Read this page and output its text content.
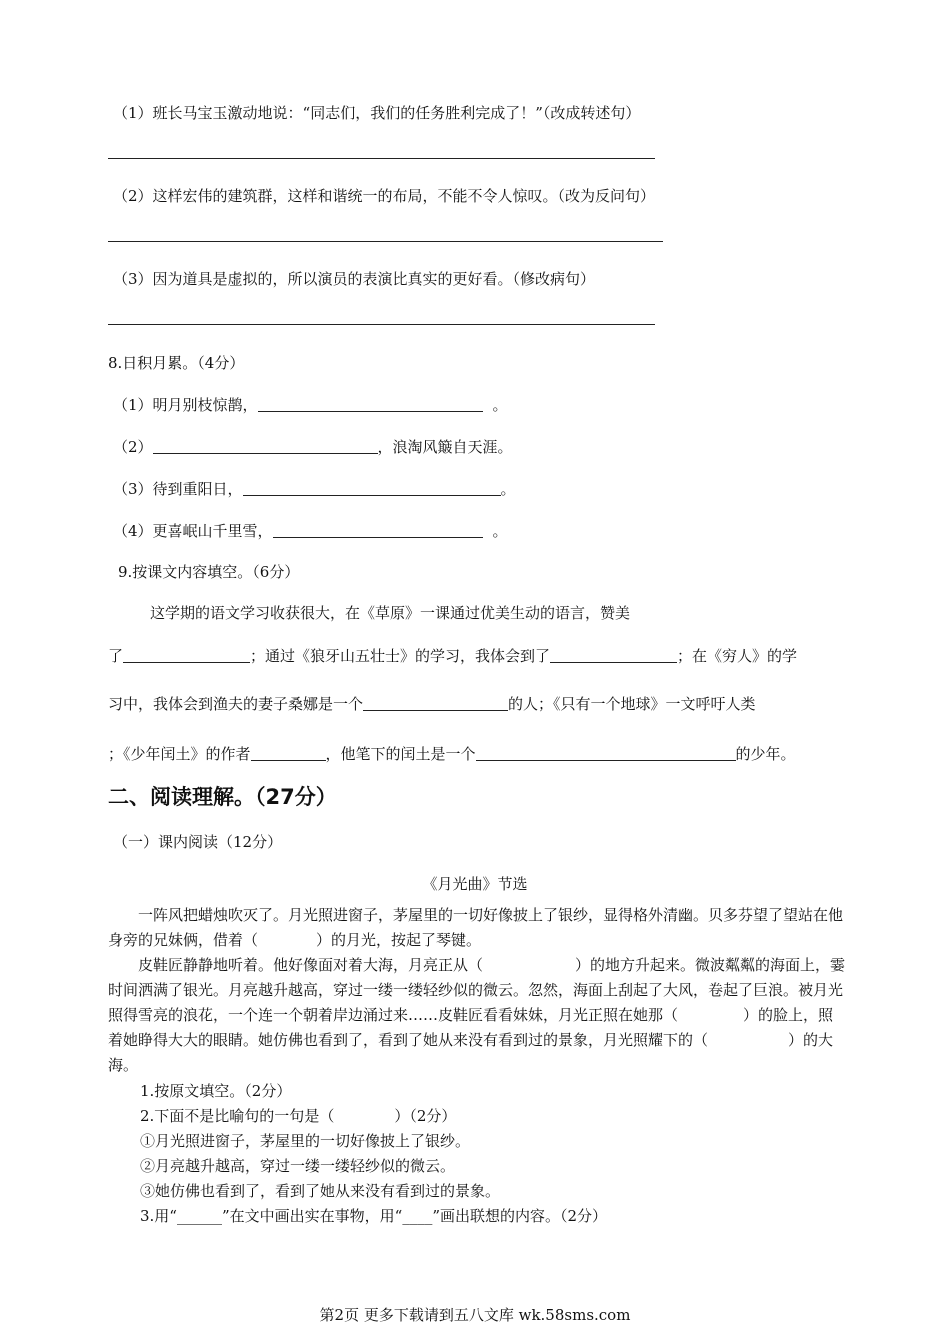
（1）班长马宝玉激动地说：“同志们，我们的任务胜利完成了！”（改成转述句）
（2）这样宏伟的建筑群，这样和谐统一的布局，不能不令人惊叹。（改为反问句）
（3）因为道具是虚拟的，所以演员的表演比真实的更好看。（修改病句）
8.日积月累。（4分）
（1）明月别枝惊鹊，	。
（2）	，浪淘风簸自天涯。
（3）待到重阳日，	。
（4）更喜岷山千里雪，	。
9.按课文内容填空。（6分）
这学期的语文学习收获很大，在《草原》一课通过优美生动的语言，赞美
了	；通过《狼牙山五壮士》的学习，我体会到了	；在《穷人》的学
习中，我体会到渔夫的妻子桑娜是一个	的人；《只有一个地球》一文呼吁人类
；《少年闰土》的作者	，他笔下的闰土是一个	的少年。
二、阅读理解。（27分）
（一）课内阅读（12分）
《月光曲》节选
一阵风把蜡烛吹灭了。月光照进窗子，茅屋里的一切好像披上了银纱，显得格外清幽。贝多芬望了望站在他身旁的兄妹俩，借着（	）的月光，按起了琴键。
皮鞋匠静静地听着。他好像面对着大海，月亮正从（	）的地方升起来。微波粼粼的海面上，霎时间洒满了银光。月亮越升越高，穿过一缕一缕轻纱似的微云。忽然，海面上刮起了大风，卷起了巨浪。被月光照得雪亮的浪花，一个连一个朝着岸边涌过来……皮鞋匠看看妹妹，月光正照在她那（	）的脸上，照着她睁得大大的眼睛。她仿佛也看到了，看到了她从来没有看到过的景象，月光照耀下的（	）的大海。
1.按原文填空。（2分）
2.下面不是比喻句的一句是（　　　　）（2分）
①月光照进窗子，茅屋里的一切好像披上了银纱。
②月亮越升越高，穿过一缕一缕轻纱似的微云。
③她仿佛也看到了，看到了她从来没有看到过的景象。
3.用“______”在文中画出实在事物，用“____”画出联想的内容。（2分）
第2页 更多下载请到五八文库 wk.58sms.com
